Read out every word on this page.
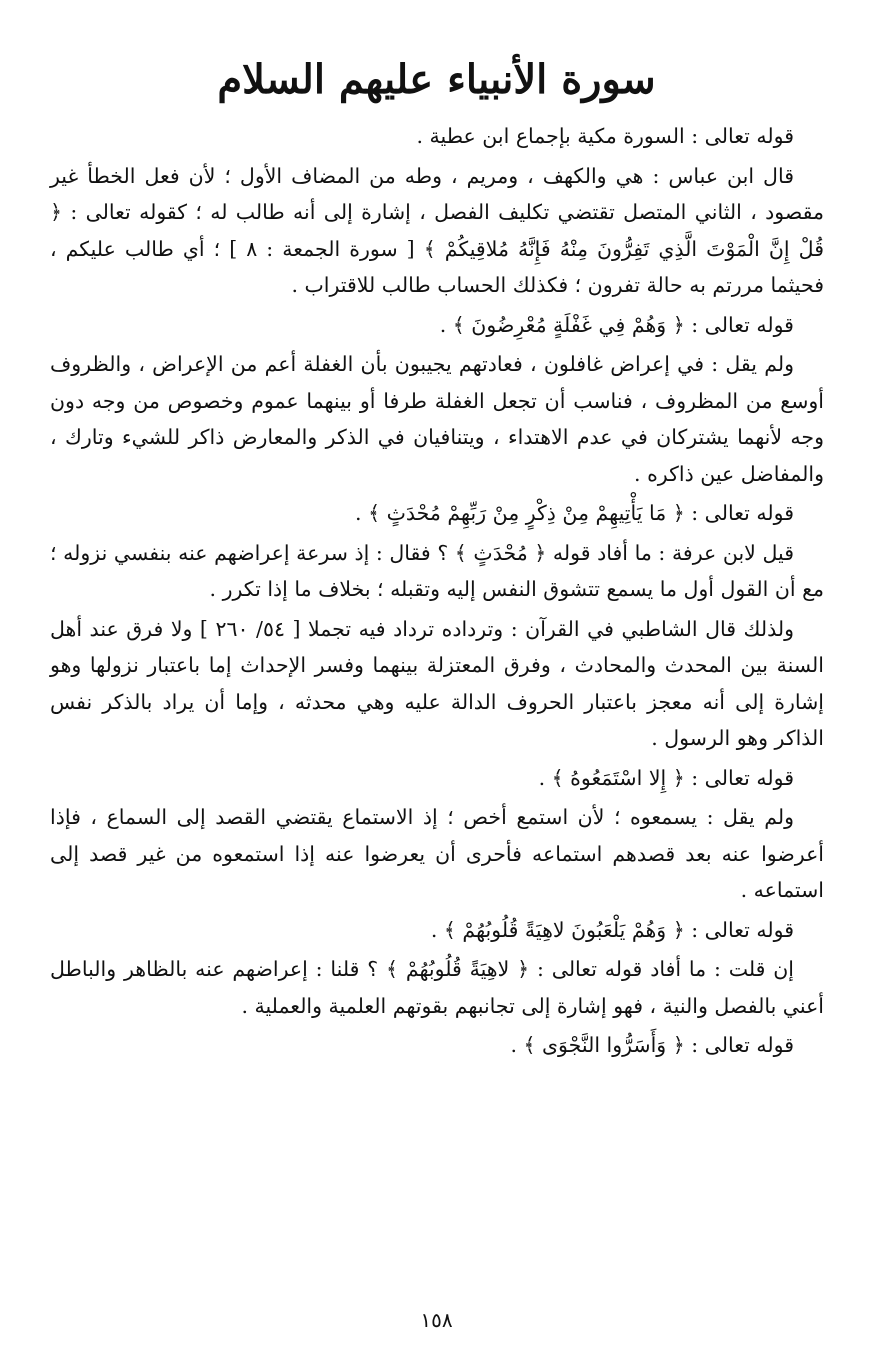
سورة الأنبياء عليهم السلام

قوله تعالى : السورة مكية بإجماع ابن عطية .

قال ابن عباس : هي والكهف ، ومريم ، وطه من المضاف الأول ؛ لأن فعل الخطأ غير مقصود ، الثاني المتصل تقتضي تكليف الفصل ، إشارة إلى أنه طالب له ؛ كقوله تعالى : ﴿ قُلْ إِنَّ الْمَوْتَ الَّذِي تَفِرُّونَ مِنْهُ فَإِنَّهُ مُلاقِيكُمْ ﴾ [ سورة الجمعة : ٨ ] ؛ أي طالب عليكم ، فحيثما مررتم به حالة تفرون ؛ فكذلك الحساب طالب للاقتراب .

قوله تعالى : ﴿ وَهُمْ فِي غَفْلَةٍ مُعْرِضُونَ ﴾ .

ولم يقل : في إعراض غافلون ، فعادتهم يجيبون بأن الغفلة أعم من الإعراض ، والظروف أوسع من المظروف ، فناسب أن تجعل الغفلة طرفا أو بينهما عموم وخصوص من وجه دون وجه لأنهما يشتركان في عدم الاهتداء ، ويتنافيان في الذكر والمعارض ذاكر للشيء وتارك ، والمفاضل عين ذاكره .

قوله تعالى : ﴿ مَا يَأْتِيهِمْ مِنْ ذِكْرٍ مِنْ رَبِّهِمْ مُحْدَثٍ ﴾ .

قيل لابن عرفة : ما أفاد قوله ﴿ مُحْدَثٍ ﴾ ؟ فقال : إذ سرعة إعراضهم عنه بنفسي نزوله ؛ مع أن القول أول ما يسمع تتشوق النفس إليه وتقبله ؛ بخلاف ما إذا تكرر .

ولذلك قال الشاطبي في القرآن : وترداده ترداد فيه تجملا [ ٥٤/ ٢٦٠ ] ولا فرق عند أهل السنة بين المحدث والمحادث ، وفرق المعتزلة بينهما وفسر الإحداث إما باعتبار نزولها وهو إشارة إلى أنه معجز باعتبار الحروف الدالة عليه وهي محدثه ، وإما أن يراد بالذكر نفس الذاكر وهو الرسول .

قوله تعالى : ﴿ إِلا اسْتَمَعُوهُ ﴾ .

ولم يقل : يسمعوه ؛ لأن استمع أخص ؛ إذ الاستماع يقتضي القصد إلى السماع ، فإذا أعرضوا عنه بعد قصدهم استماعه فأحرى أن يعرضوا عنه إذا استمعوه من غير قصد إلى استماعه .

قوله تعالى : ﴿ وَهُمْ يَلْعَبُونَ لاهِيَةً قُلُوبُهُمْ ﴾ .

إن قلت : ما أفاد قوله تعالى : ﴿ لاهِيَةً قُلُوبُهُمْ ﴾ ؟ قلنا : إعراضهم عنه بالظاهر والباطل أعني بالفصل والنية ، فهو إشارة إلى تجانبهم بقوتهم العلمية والعملية .

قوله تعالى : ﴿ وَأَسَرُّوا النَّجْوَى ﴾ .

١٥٨
